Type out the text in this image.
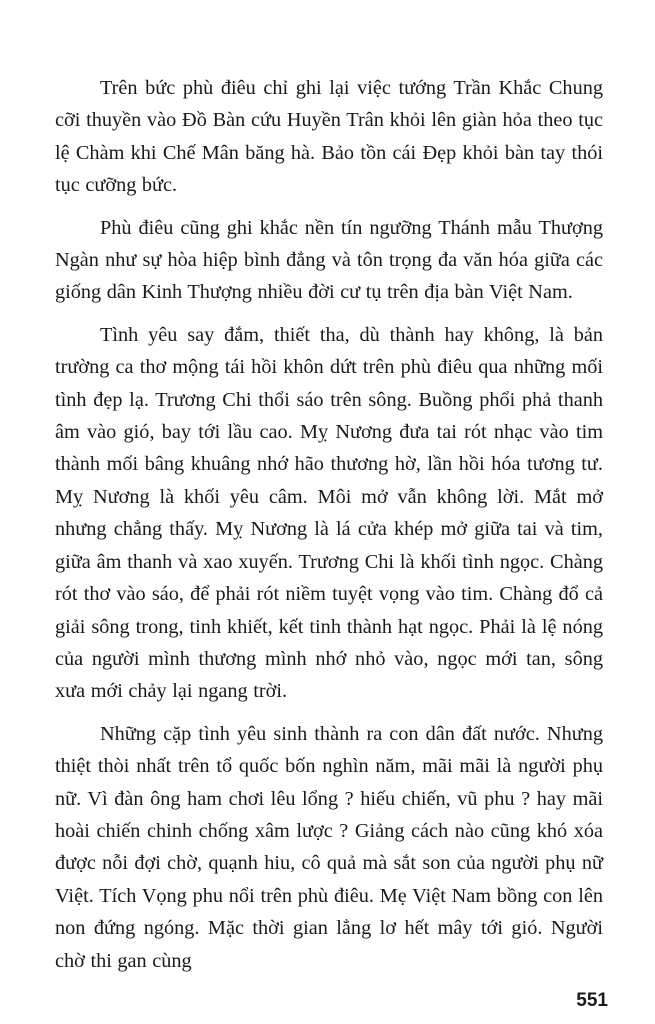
Trên bức phù điêu chỉ ghi lại việc tướng Trần Khắc Chung cỡi thuyền vào Đồ Bàn cứu Huyền Trân khỏi lên giàn hỏa theo tục lệ Chàm khi Chế Mân băng hà. Bảo tồn cái Đẹp khỏi bàn tay thói tục cưỡng bức.

Phù điêu cũng ghi khắc nền tín ngưỡng Thánh mẫu Thượng Ngàn như sự hòa hiệp bình đẳng và tôn trọng đa văn hóa giữa các giống dân Kinh Thượng nhiều đời cư tụ trên địa bàn Việt Nam.

Tình yêu say đắm, thiết tha, dù thành hay không, là bản trường ca thơ mộng tái hồi khôn dứt trên phù điêu qua những mối tình đẹp lạ. Trương Chi thổi sáo trên sông. Buồng phổi phả thanh âm vào gió, bay tới lầu cao. Mỵ Nương đưa tai rót nhạc vào tim thành mối bâng khuâng nhớ hão thương hờ, lần hồi hóa tương tư. Mỵ Nương là khối yêu câm. Môi mở vẫn không lời. Mắt mở nhưng chẳng thấy. Mỵ Nương là lá cửa khép mở giữa tai và tim, giữa âm thanh và xao xuyến. Trương Chi là khối tình ngọc. Chàng rót thơ vào sáo, để phải rót niềm tuyệt vọng vào tim. Chàng đổ cả giải sông trong, tinh khiết, kết tinh thành hạt ngọc. Phải là lệ nóng của người mình thương mình nhớ nhỏ vào, ngọc mới tan, sông xưa mới chảy lại ngang trời.

Những cặp tình yêu sinh thành ra con dân đất nước. Nhưng thiệt thòi nhất trên tổ quốc bốn nghìn năm, mãi mãi là người phụ nữ. Vì đàn ông ham chơi lêu lổng ? hiếu chiến, vũ phu ? hay mãi hoài chiến chinh chống xâm lược ? Giảng cách nào cũng khó xóa được nỗi đợi chờ, quạnh hiu, cô quả mà sắt son của người phụ nữ Việt. Tích Vọng phu nổi trên phù điêu. Mẹ Việt Nam bồng con lên non đứng ngóng. Mặc thời gian lẳng lơ hết mây tới gió. Người chờ thi gan cùng

551
